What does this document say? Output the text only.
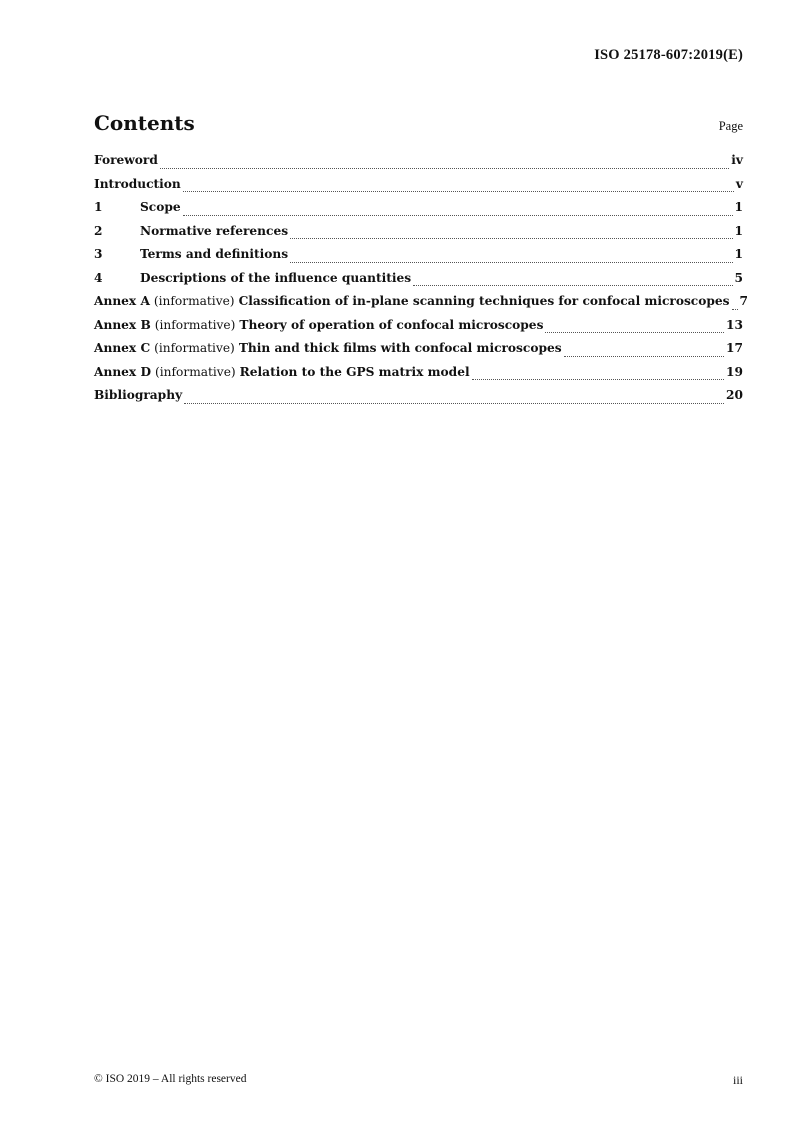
ISO 25178-607:2019(E)
Contents	Page
Foreword	iv
Introduction	v
1	Scope	1
2	Normative references	1
3	Terms and definitions	1
4	Descriptions of the influence quantities	5
Annex A (informative) Classification of in-plane scanning techniques for confocal microscopes 7
Annex B (informative) Theory of operation of confocal microscopes	13
Annex C (informative) Thin and thick films with confocal microscopes	17
Annex D (informative) Relation to the GPS matrix model	19
Bibliography	20
© ISO 2019 – All rights reserved	iii
